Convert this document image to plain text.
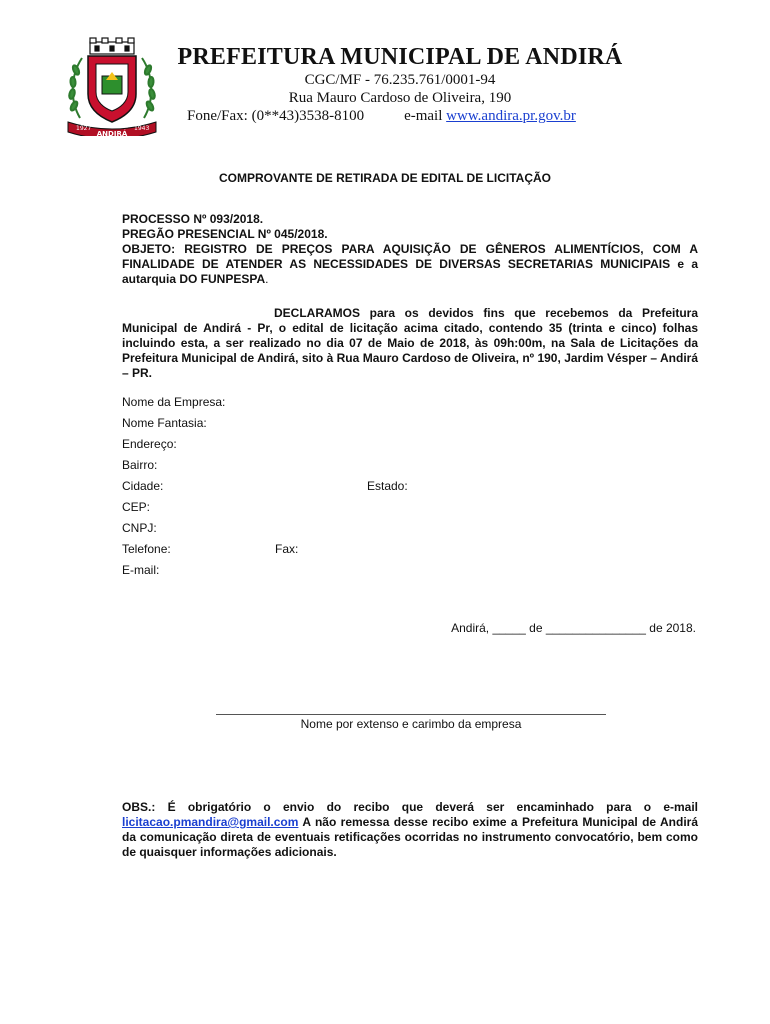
1927
ANDIRÁ
1943
PREFEITURA MUNICIPAL DE ANDIRÁ
CGC/MF - 76.235.761/0001-94
Rua Mauro Cardoso de Oliveira, 190
Fone/Fax: (0**43)3538-8100	e-mail www.andira.pr.gov.br
COMPROVANTE DE RETIRADA DE EDITAL DE LICITAÇÃO
PROCESSO Nº 093/2018.
PREGÃO PRESENCIAL Nº 045/2018.
OBJETO: REGISTRO DE PREÇOS PARA AQUISIÇÃO DE GÊNEROS ALIMENTÍCIOS, COM A FINALIDADE DE ATENDER AS NECESSIDADES DE DIVERSAS SECRETARIAS MUNICIPAIS e a autarquia DO FUNPESPA.
DECLARAMOS para os devidos fins que recebemos da Prefeitura Municipal de Andirá - Pr, o edital de licitação acima citado, contendo 35 (trinta e cinco) folhas incluindo esta, a ser realizado no dia 07 de Maio de 2018, às 09h:00m, na Sala de Licitações da Prefeitura Municipal de Andirá, sito à Rua Mauro Cardoso de Oliveira, nº 190, Jardim Vésper – Andirá – PR.
Nome da Empresa:
Nome Fantasia:
Endereço:
Bairro:
Cidade:	Estado:
CEP:
CNPJ:
Telefone:	Fax:
E-mail:
Andirá, _____ de _______________ de 2018.
Nome por extenso e carimbo da empresa
OBS.: É obrigatório o envio do recibo que deverá ser encaminhado para o e-mail licitacao.pmandira@gmail.com A não remessa desse recibo exime a Prefeitura Municipal de Andirá da comunicação direta de eventuais retificações ocorridas no instrumento convocatório, bem como de quaisquer informações adicionais.
